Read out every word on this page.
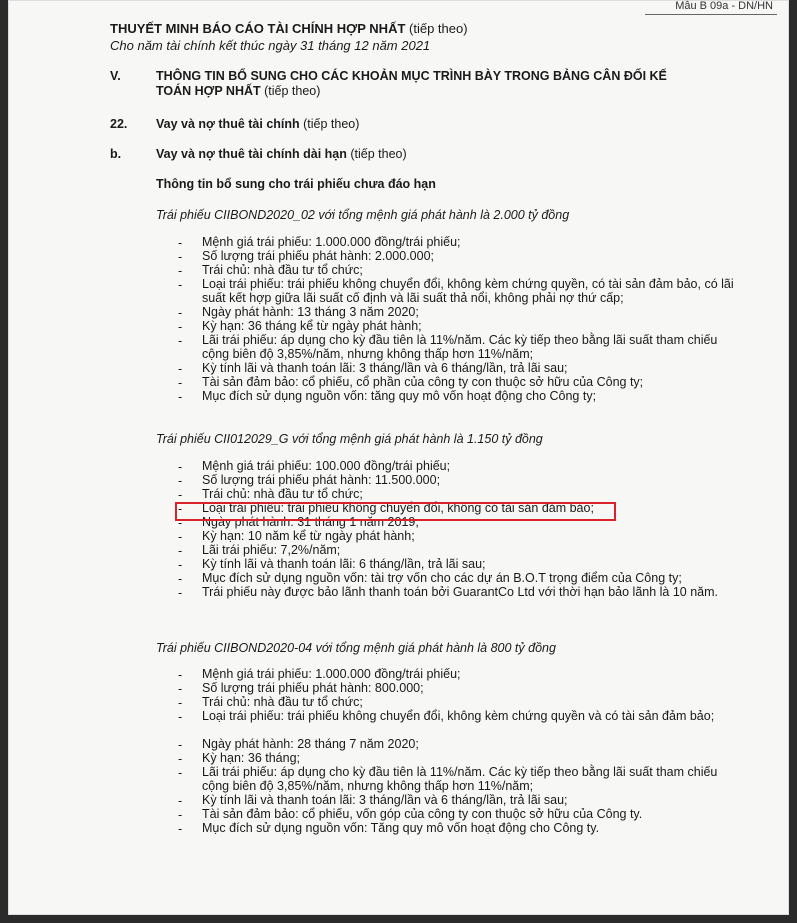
Mẫu B 09a - DN/HN
THUYẾT MINH BÁO CÁO TÀI CHÍNH HỢP NHẤT (tiếp theo)
Cho năm tài chính kết thúc ngày 31 tháng 12 năm 2021
V.	THÔNG TIN BỔ SUNG CHO CÁC KHOẢN MỤC TRÌNH BÀY TRONG BẢNG CÂN ĐỐI KẾ
TOÁN HỢP NHẤT (tiếp theo)
22. Vay và nợ thuê tài chính (tiếp theo)
b.	Vay và nợ thuê tài chính dài hạn (tiếp theo)
Thông tin bổ sung cho trái phiếu chưa đáo hạn
Trái phiếu CIIBOND2020_02 với tổng mệnh giá phát hành là 2.000 tỷ đồng
- Mệnh giá trái phiếu: 1.000.000 đồng/trái phiếu;
- Số lượng trái phiếu phát hành: 2.000.000;
- Trái chủ: nhà đầu tư tổ chức;
- Loại trái phiếu: trái phiếu không chuyển đổi, không kèm chứng quyền, có tài sản đảm bảo, có lãi suất kết hợp giữa lãi suất cố định và lãi suất thả nổi, không phải nợ thứ cấp;
- Ngày phát hành: 13 tháng 3 năm 2020;
- Kỳ hạn: 36 tháng kể từ ngày phát hành;
- Lãi trái phiếu: áp dụng cho kỳ đầu tiên là 11%/năm. Các kỳ tiếp theo bằng lãi suất tham chiếu cộng biên độ 3,85%/năm, nhưng không thấp hơn 11%/năm;
- Kỳ tính lãi và thanh toán lãi: 3 tháng/lần và 6 tháng/lần, trả lãi sau;
- Tài sản đảm bảo: cổ phiếu, cổ phần của công ty con thuộc sở hữu của Công ty;
- Mục đích sử dụng nguồn vốn: tăng quy mô vốn hoạt động cho Công ty;
Trái phiếu CII012029_G với tổng mệnh giá phát hành là 1.150 tỷ đồng
- Mệnh giá trái phiếu: 100.000 đồng/trái phiếu;
- Số lượng trái phiếu phát hành: 11.500.000;
- Trái chủ: nhà đầu tư tổ chức;
- Loại trái phiếu: trái phiếu không chuyển đổi, không có tài sản đảm bảo;
- Ngày phát hành: 31 tháng 1 năm 2019;
- Kỳ hạn: 10 năm kể từ ngày phát hành;
- Lãi trái phiếu: 7,2%/năm;
- Kỳ tính lãi và thanh toán lãi: 6 tháng/lần, trả lãi sau;
- Mục đích sử dụng nguồn vốn: tài trợ vốn cho các dự án B.O.T trọng điểm của Công ty;
- Trái phiếu này được bảo lãnh thanh toán bởi GuarantCo Ltd với thời hạn bảo lãnh là 10 năm.
Trái phiếu CIIBOND2020-04 với tổng mệnh giá phát hành là 800 tỷ đồng
- Mệnh giá trái phiếu: 1.000.000 đồng/trái phiếu;
- Số lượng trái phiếu phát hành: 800.000;
- Trái chủ: nhà đầu tư tổ chức;
- Loại trái phiếu: trái phiếu không chuyển đổi, không kèm chứng quyền và có tài sản đảm bảo;
- Ngày phát hành: 28 tháng 7 năm 2020;
- Kỳ hạn: 36 tháng;
- Lãi trái phiếu: áp dụng cho kỳ đầu tiên là 11%/năm. Các kỳ tiếp theo bằng lãi suất tham chiếu cộng biên độ 3,85%/năm, nhưng không thấp hơn 11%/năm;
- Kỳ tính lãi và thanh toán lãi: 3 tháng/lần và 6 tháng/lần, trả lãi sau;
- Tài sản đảm bảo: cổ phiếu, vốn góp của công ty con thuộc sở hữu của Công ty.
- Mục đích sử dụng nguồn vốn: Tăng quy mô vốn hoạt động cho Công ty.
